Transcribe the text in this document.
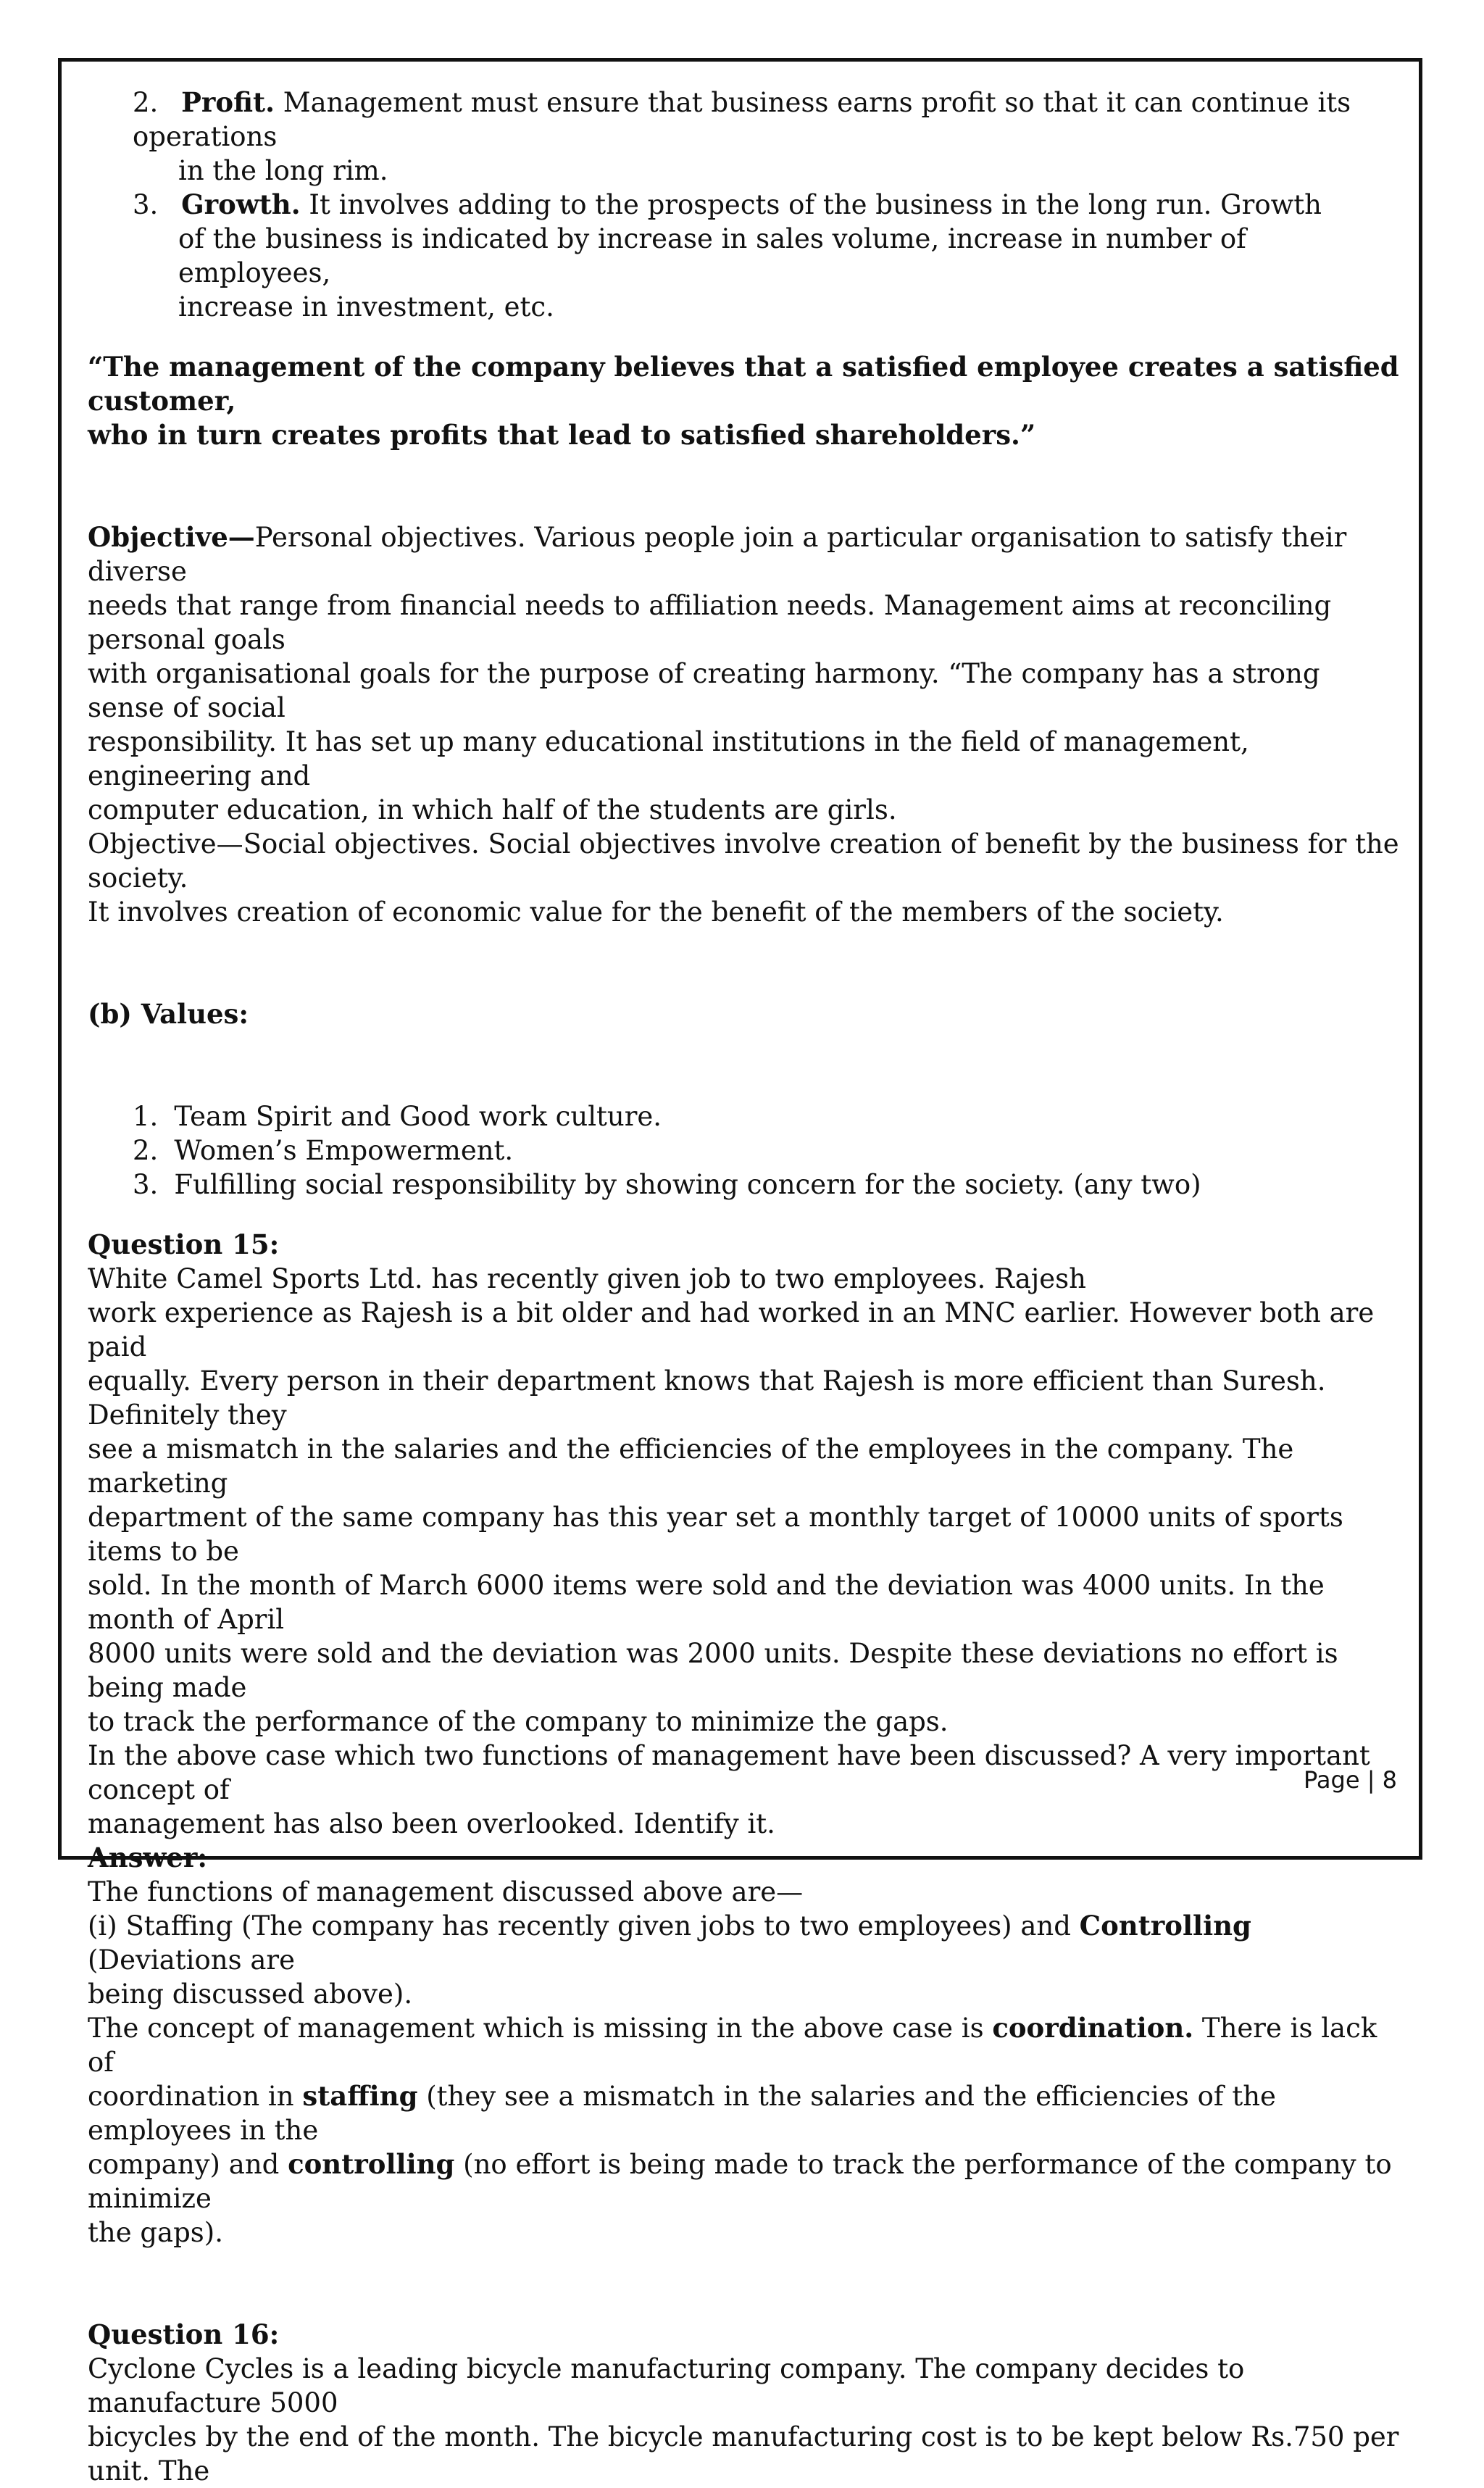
2. Profit. Management must ensure that business earns profit so that it can continue its operations
in the long rim.
3. Growth. It involves adding to the prospects of the business in the long run. Growth
of the business is indicated by increase in sales volume, increase in number of employees,
increase in investment, etc.
“The management of the company believes that a satisfied employee creates a satisfied customer,
who in turn creates profits that lead to satisfied shareholders.”
Objective—Personal objectives. Various people join a particular organisation to satisfy their diverse
needs that range from financial needs to affiliation needs. Management aims at reconciling personal goals
with organisational goals for the purpose of creating harmony. “The company has a strong sense of social
responsibility. It has set up many educational institutions in the field of management, engineering and
computer education, in which half of the students are girls.
Objective—Social objectives. Social objectives involve creation of benefit by the business for the society.
It involves creation of economic value for the benefit of the members of the society.
(b) Values:
1. Team Spirit and Good work culture.
2. Women’s Empowerment.
3. Fulfilling social responsibility by showing concern for the society. (any two)
Question 15:
White Camel Sports Ltd. has recently given job to two employees. Rajesh
work experience as Rajesh is a bit older and had worked in an MNC earlier. However both are paid
equally. Every person in their department knows that Rajesh is more efficient than Suresh. Definitely they
see a mismatch in the salaries and the efficiencies of the employees in the company. The marketing
department of the same company has this year set a monthly target of 10000 units of sports items to be
sold. In the month of March 6000 items were sold and the deviation was 4000 units. In the month of April
8000 units were sold and the deviation was 2000 units. Despite these deviations no effort is being made
to track the performance of the company to minimize the gaps.
In the above case which two functions of management have been discussed? A very important concept of
management has also been overlooked. Identify it.
Answer:
The functions of management discussed above are—
(i) Staffing (The company has recently given jobs to two employees) and Controlling (Deviations are
being discussed above).
The concept of management which is missing in the above case is coordination. There is lack of
coordination in staffing (they see a mismatch in the salaries and the efficiencies of the employees in the
company) and controlling (no effort is being made to track the performance of the company to minimize
the gaps).
Question 16:
Cyclone Cycles is a leading bicycle manufacturing company. The company decides to manufacture 5000
bicycles by the end of the month. The bicycle manufacturing cost is to be kept below Rs.750 per unit. The
Page | 8
